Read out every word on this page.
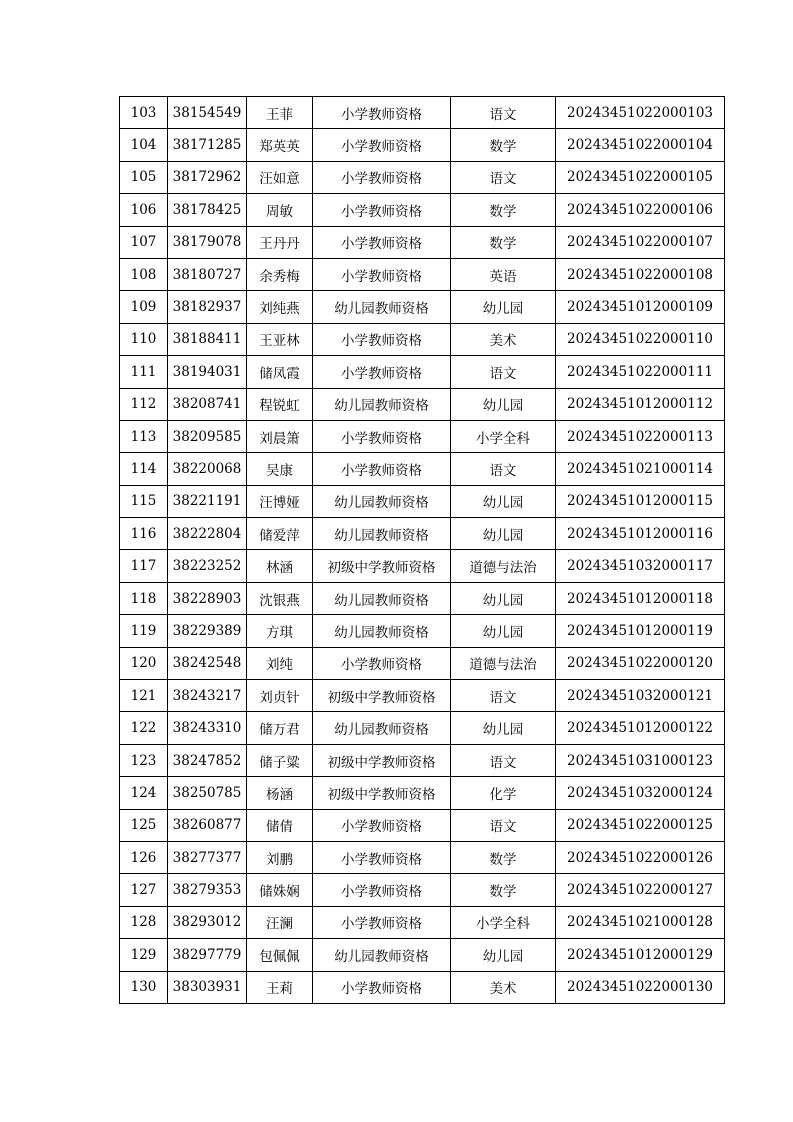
103	38154549	王菲	小学教师资格	语文	20243451022000103
104	38171285	郑英英	小学教师资格	数学	20243451022000104
105	38172962	汪如意	小学教师资格	语文	20243451022000105
106	38178425	周敏	小学教师资格	数学	20243451022000106
107	38179078	王丹丹	小学教师资格	数学	20243451022000107
108	38180727	余秀梅	小学教师资格	英语	20243451022000108
109	38182937	刘纯燕	幼儿园教师资格	幼儿园	20243451012000109
110	38188411	王亚林	小学教师资格	美术	20243451022000110
111	38194031	储凤霞	小学教师资格	语文	20243451022000111
112	38208741	程锐虹	幼儿园教师资格	幼儿园	20243451012000112
113	38209585	刘晨箫	小学教师资格	小学全科	20243451022000113
114	38220068	吴康	小学教师资格	语文	20243451021000114
115	38221191	汪博娅	幼儿园教师资格	幼儿园	20243451012000115
116	38222804	储爱萍	幼儿园教师资格	幼儿园	20243451012000116
117	38223252	林涵	初级中学教师资格	道德与法治	20243451032000117
118	38228903	沈银燕	幼儿园教师资格	幼儿园	20243451012000118
119	38229389	方琪	幼儿园教师资格	幼儿园	20243451012000119
120	38242548	刘纯	小学教师资格	道德与法治	20243451022000120
121	38243217	刘贞针	初级中学教师资格	语文	20243451032000121
122	38243310	储万君	幼儿园教师资格	幼儿园	20243451012000122
123	38247852	储子粱	初级中学教师资格	语文	20243451031000123
124	38250785	杨涵	初级中学教师资格	化学	20243451032000124
125	38260877	储倩	小学教师资格	语文	20243451022000125
126	38277377	刘鹏	小学教师资格	数学	20243451022000126
127	38279353	储姝娴	小学教师资格	数学	20243451022000127
128	38293012	汪澜	小学教师资格	小学全科	20243451021000128
129	38297779	包佩佩	幼儿园教师资格	幼儿园	20243451012000129
130	38303931	王莉	小学教师资格	美术	20243451022000130
